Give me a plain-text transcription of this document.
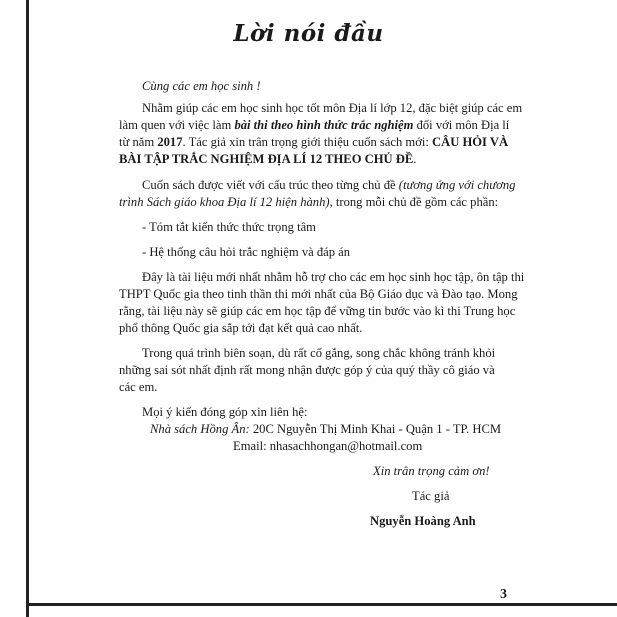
Lời nói đầu
Cùng các em học sinh !
Nhằm giúp các em học sinh học tốt môn Địa lí lớp 12, đặc biệt giúp các em
làm quen với việc làm bài thi theo hình thức trắc nghiệm đối với môn Địa lí
từ năm 2017. Tác giả xin trân trọng giới thiệu cuốn sách mới: CÂU HỎI VÀ
BÀI TẬP TRẮC NGHIỆM ĐỊA LÍ 12 THEO CHỦ ĐỀ.
Cuốn sách được viết với cấu trúc theo từng chủ đề (tương ứng với chương
trình Sách giáo khoa Địa lí 12 hiện hành), trong mỗi chủ đề gồm các phần:
- Tóm tắt kiến thức thức trọng tâm
- Hệ thống câu hỏi trắc nghiệm và đáp án
Đây là tài liệu mới nhất nhằm hỗ trợ cho các em học sinh học tập, ôn tập thi
THPT Quốc gia theo tinh thần thi mới nhất của Bộ Giáo dục và Đào tạo. Mong
rằng, tài liệu này sẽ giúp các em học tập để vững tin bước vào kì thi Trung học
phổ thông Quốc gia sắp tới đạt kết quả cao nhất.
Trong quá trình biên soạn, dù rất cố gắng, song chắc không tránh khỏi
những sai sót nhất định rất mong nhận được góp ý của quý thầy cô giáo và
các em.
Mọi ý kiến đóng góp xin liên hệ:
Nhà sách Hồng Ân: 20C Nguyễn Thị Minh Khai - Quận 1 - TP. HCM
Email: nhasachhongan@hotmail.com
Xin trân trọng cảm ơn!
Tác giả
Nguyễn Hoàng Anh
3
